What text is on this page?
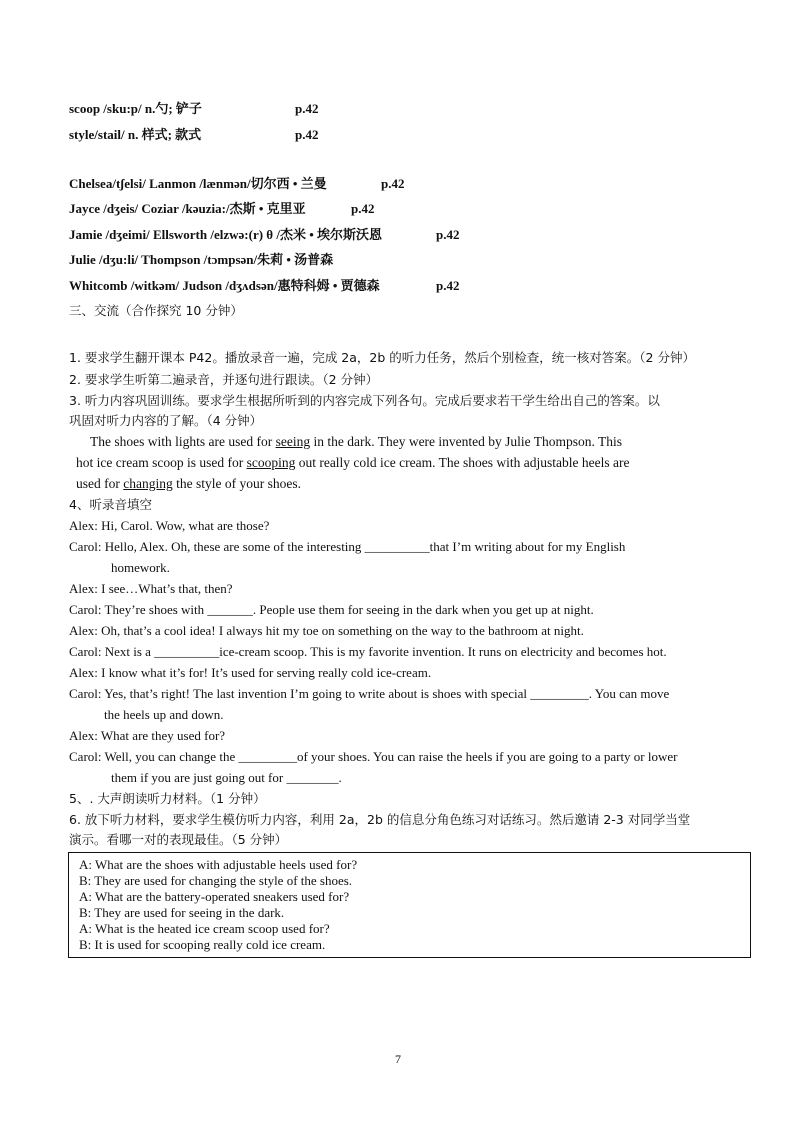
scoop /sku:p/ n.勺; 铲子	p.42
style/stail/ n. 样式; 款式	p.42
Chelsea/tʃelsi/ Lanmon /lænmən/切尔西 • 兰曼	p.42
Jayce /dʒeis/ Coziar /kəuzia:/杰斯 • 克里亚	p.42
Jamie /dʒeimi/ Ellsworth /elzwə:(r) θ /杰米 • 埃尔斯沃恩	p.42
Julie /dʒu:li/ Thompson /tɔmpsən/朱莉 • 汤普森
Whitcomb /witkəm/ Judson /dʒʌdsən/惠特科姆 • 贾德森	p.42
三、交流（合作探究 10 分钟）
1. 要求学生翻开课本 P42。播放录音一遍，完成 2a，2b 的听力任务，然后个别检查，统一核对答案。（2 分钟）
2. 要求学生听第二遍录音，并逐句进行跟读。（2 分钟）
3. 听力内容巩固训练。要求学生根据所听到的内容完成下列各句。完成后要求若干学生给出自己的答案。以
巩固对听力内容的了解。（4 分钟）
The shoes with lights are used for seeing in the dark. They were invented by Julie Thompson. This
hot ice cream scoop is used for scooping out really cold ice cream. The shoes with adjustable heels are
used for changing the style of your shoes.
4、听录音填空
Alex: Hi, Carol. Wow, what are those?
Carol: Hello, Alex. Oh, these are some of the interesting __________that I’m writing about for my English
homework.
Alex: I see…What’s that, then?
Carol: They’re shoes with _______. People use them for seeing in the dark when you get up at night.
Alex: Oh, that’s a cool idea! I always hit my toe on something on the way to the bathroom at night.
Carol: Next is a __________ice-cream scoop. This is my favorite invention. It runs on electricity and becomes hot.
Alex: I know what it’s for! It’s used for serving really cold ice-cream.
Carol: Yes, that’s right! The last invention I’m going to write about is shoes with special _________. You can move
the heels up and down.
Alex: What are they used for?
Carol: Well, you can change the _________of your shoes. You can raise the heels if you are going to a party or lower
them if you are just going out for ________.
5、. 大声朗读听力材料。（1 分钟）
6. 放下听力材料，要求学生模仿听力内容，利用 2a，2b 的信息分角色练习对话练习。然后邀请 2-3 对同学当堂
演示。看哪一对的表现最佳。（5 分钟）
A: What are the shoes with adjustable heels used for?
B: They are used for changing the style of the shoes.
A: What are the battery-operated sneakers used for?
B: They are used for seeing in the dark.
A: What is the heated ice cream scoop used for?
B: It is used for scooping really cold ice cream.
7
